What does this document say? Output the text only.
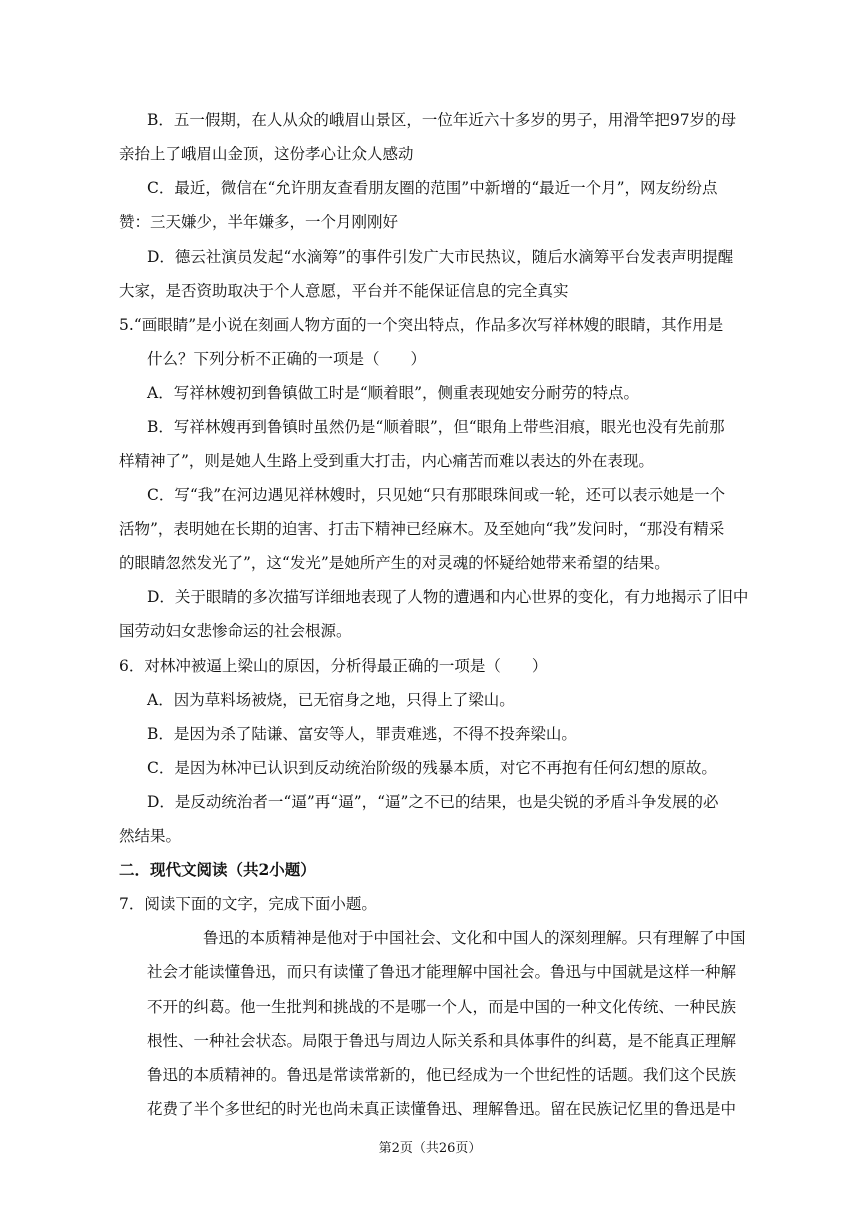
B．五一假期，在人从众的峨眉山景区，一位年近六十多岁的男子，用滑竿把97岁的母
亲抬上了峨眉山金顶，这份孝心让众人感动
C．最近，微信在“允许朋友查看朋友圈的范围”中新增的“最近一个月”，网友纷纷点
赞：三天嫌少，半年嫌多，一个月刚刚好
D．德云社演员发起“水滴筹”的事件引发广大市民热议，随后水滴筹平台发表声明提醒
大家，是否资助取决于个人意愿，平台并不能保证信息的完全真实
5.“画眼睛”是小说在刻画人物方面的一个突出特点，作品多次写祥林嫂的眼睛，其作用是
什么？下列分析不正确的一项是（　　）
A．写祥林嫂初到鲁镇做工时是“顺着眼”，侧重表现她安分耐劳的特点。
B．写祥林嫂再到鲁镇时虽然仍是“顺着眼”，但“眼角上带些泪痕，眼光也没有先前那
样精神了”，则是她人生路上受到重大打击，内心痛苦而难以表达的外在表现。
C．写“我”在河边遇见祥林嫂时，只见她“只有那眼珠间或一轮，还可以表示她是一个
活物”，表明她在长期的迫害、打击下精神已经麻木。及至她向“我”发问时，“那没有精采
的眼睛忽然发光了”，这“发光”是她所产生的对灵魂的怀疑给她带来希望的结果。
D．关于眼睛的多次描写详细地表现了人物的遭遇和内心世界的变化，有力地揭示了旧中
国劳动妇女悲惨命运的社会根源。
6．对林冲被逼上梁山的原因，分析得最正确的一项是（　　）
A．因为草料场被烧，已无宿身之地，只得上了梁山。
B．是因为杀了陆谦、富安等人，罪责难逃，不得不投奔梁山。
C．是因为林冲已认识到反动统治阶级的残暴本质，对它不再抱有任何幻想的原故。
D．是反动统治者一“逼”再“逼”，“逼”之不已的结果，也是尖锐的矛盾斗争发展的必
然结果。
二．现代文阅读（共2小题）
7．阅读下面的文字，完成下面小题。
鲁迅的本质精神是他对于中国社会、文化和中国人的深刻理解。只有理解了中国
社会才能读懂鲁迅，而只有读懂了鲁迅才能理解中国社会。鲁迅与中国就是这样一种解
不开的纠葛。他一生批判和挑战的不是哪一个人，而是中国的一种文化传统、一种民族
根性、一种社会状态。局限于鲁迅与周边人际关系和具体事件的纠葛，是不能真正理解
鲁迅的本质精神的。鲁迅是常读常新的，他已经成为一个世纪性的话题。我们这个民族
花费了半个多世纪的时光也尚未真正读懂鲁迅、理解鲁迅。留在民族记忆里的鲁迅是中
第2页（共26页）
